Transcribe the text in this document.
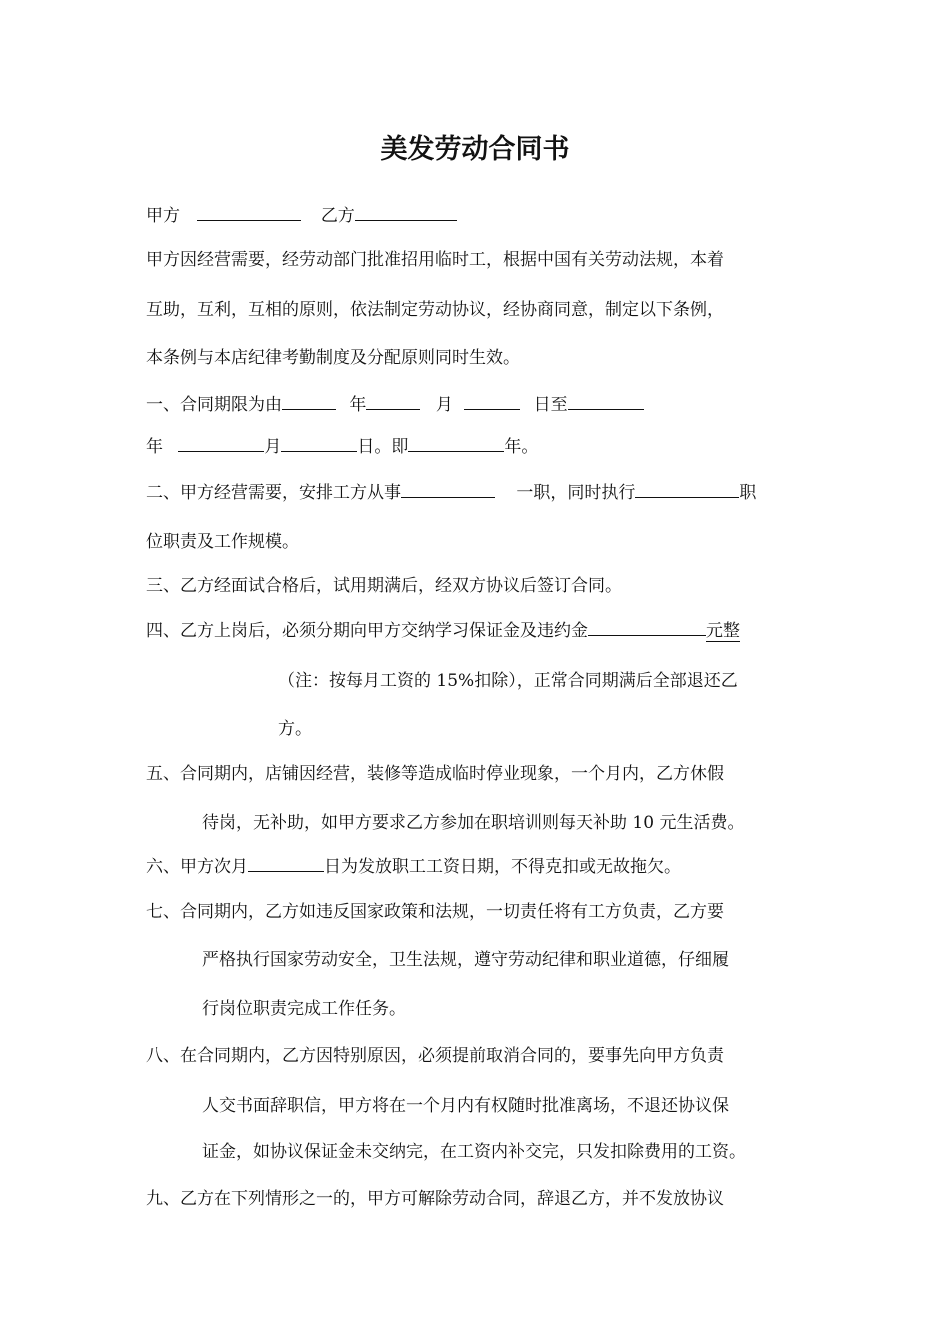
美发劳动合同书
甲方	乙方
甲方因经营需要，经劳动部门批准招用临时工，根据中国有关劳动法规，本着
互助，互利，互相的原则，依法制定劳动协议，经协商同意，制定以下条例，
本条例与本店纪律考勤制度及分配原则同时生效。
一、合同期限为由	年	月	日至
年	月	日。即	年。
二、甲方经营需要，安排工方从事	一职，同时执行	职
位职责及工作规模。
三、乙方经面试合格后，试用期满后，经双方协议后签订合同。
四、乙方上岗后，必须分期向甲方交纳学习保证金及违约金	元整
（注：按每月工资的 15%扣除），正常合同期满后全部退还乙
方。
五、合同期内，店铺因经营，装修等造成临时停业现象，一个月内，乙方休假
待岗，无补助，如甲方要求乙方参加在职培训则每天补助 10 元生活费。
六、甲方次月	日为发放职工工资日期，不得克扣或无故拖欠。
七、合同期内，乙方如违反国家政策和法规，一切责任将有工方负责，乙方要
严格执行国家劳动安全，卫生法规，遵守劳动纪律和职业道德，仔细履
行岗位职责完成工作任务。
八、在合同期内，乙方因特别原因，必须提前取消合同的，要事先向甲方负责
人交书面辞职信，甲方将在一个月内有权随时批准离场，不退还协议保
证金，如协议保证金未交纳完，在工资内补交完，只发扣除费用的工资。
九、乙方在下列情形之一的，甲方可解除劳动合同，辞退乙方，并不发放协议
